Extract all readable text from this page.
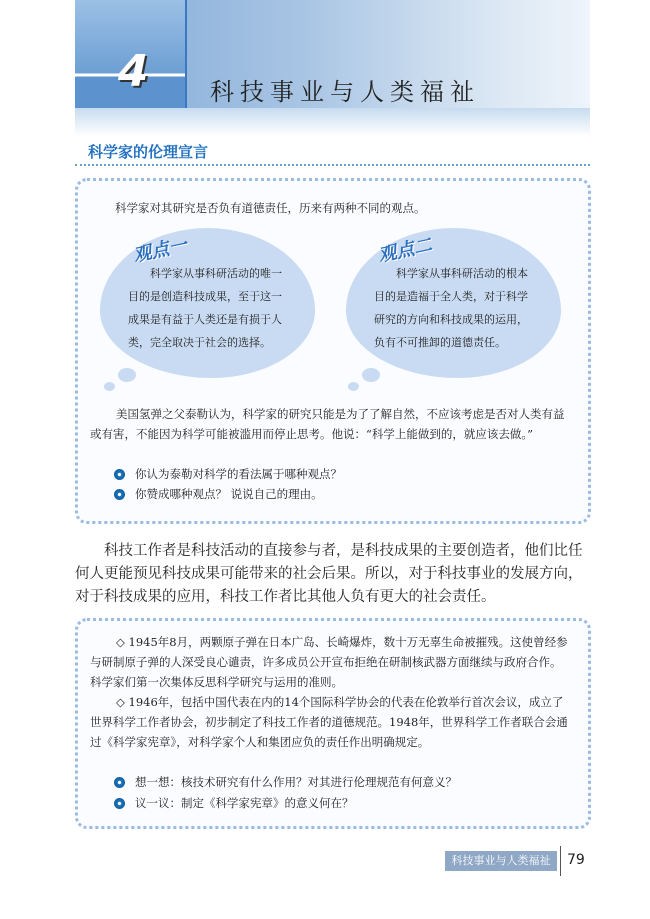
4	科技事业与人类福祉
科学家的伦理宣言
科学家对其研究是否负有道德责任，历来有两种不同的观点。
观点一
科学家从事科研活动的唯一目的是创造科技成果，至于这一成果是有益于人类还是有损于人类，完全取决于社会的选择。
观点二
科学家从事科研活动的根本目的是造福于全人类，对于科学研究的方向和科技成果的运用，负有不可推卸的道德责任。
美国氢弹之父泰勒认为，科学家的研究只能是为了了解自然，不应该考虑是否对人类有益或有害，不能因为科学可能被滥用而停止思考。他说：“科学上能做到的，就应该去做。”
你认为泰勒对科学的看法属于哪种观点？
你赞成哪种观点？ 说说自己的理由。
科技工作者是科技活动的直接参与者，是科技成果的主要创造者，他们比任何人更能预见科技成果可能带来的社会后果。所以，对于科技事业的发展方向，对于科技成果的应用，科技工作者比其他人负有更大的社会责任。
◇ 1945年8月，两颗原子弹在日本广岛、长崎爆炸，数十万无辜生命被摧残。这使曾经参与研制原子弹的人深受良心谴责，许多成员公开宣布拒绝在研制核武器方面继续与政府合作。科学家们第一次集体反思科学研究与运用的准则。
◇ 1946年，包括中国代表在内的14个国际科学协会的代表在伦敦举行首次会议，成立了世界科学工作者协会，初步制定了科技工作者的道德规范。1948年，世界科学工作者联合会通过《科学家宪章》，对科学家个人和集团应负的责任作出明确规定。
想一想：核技术研究有什么作用？对其进行伦理规范有何意义？
议一议：制定《科学家宪章》的意义何在？
科技事业与人类福祉	79
